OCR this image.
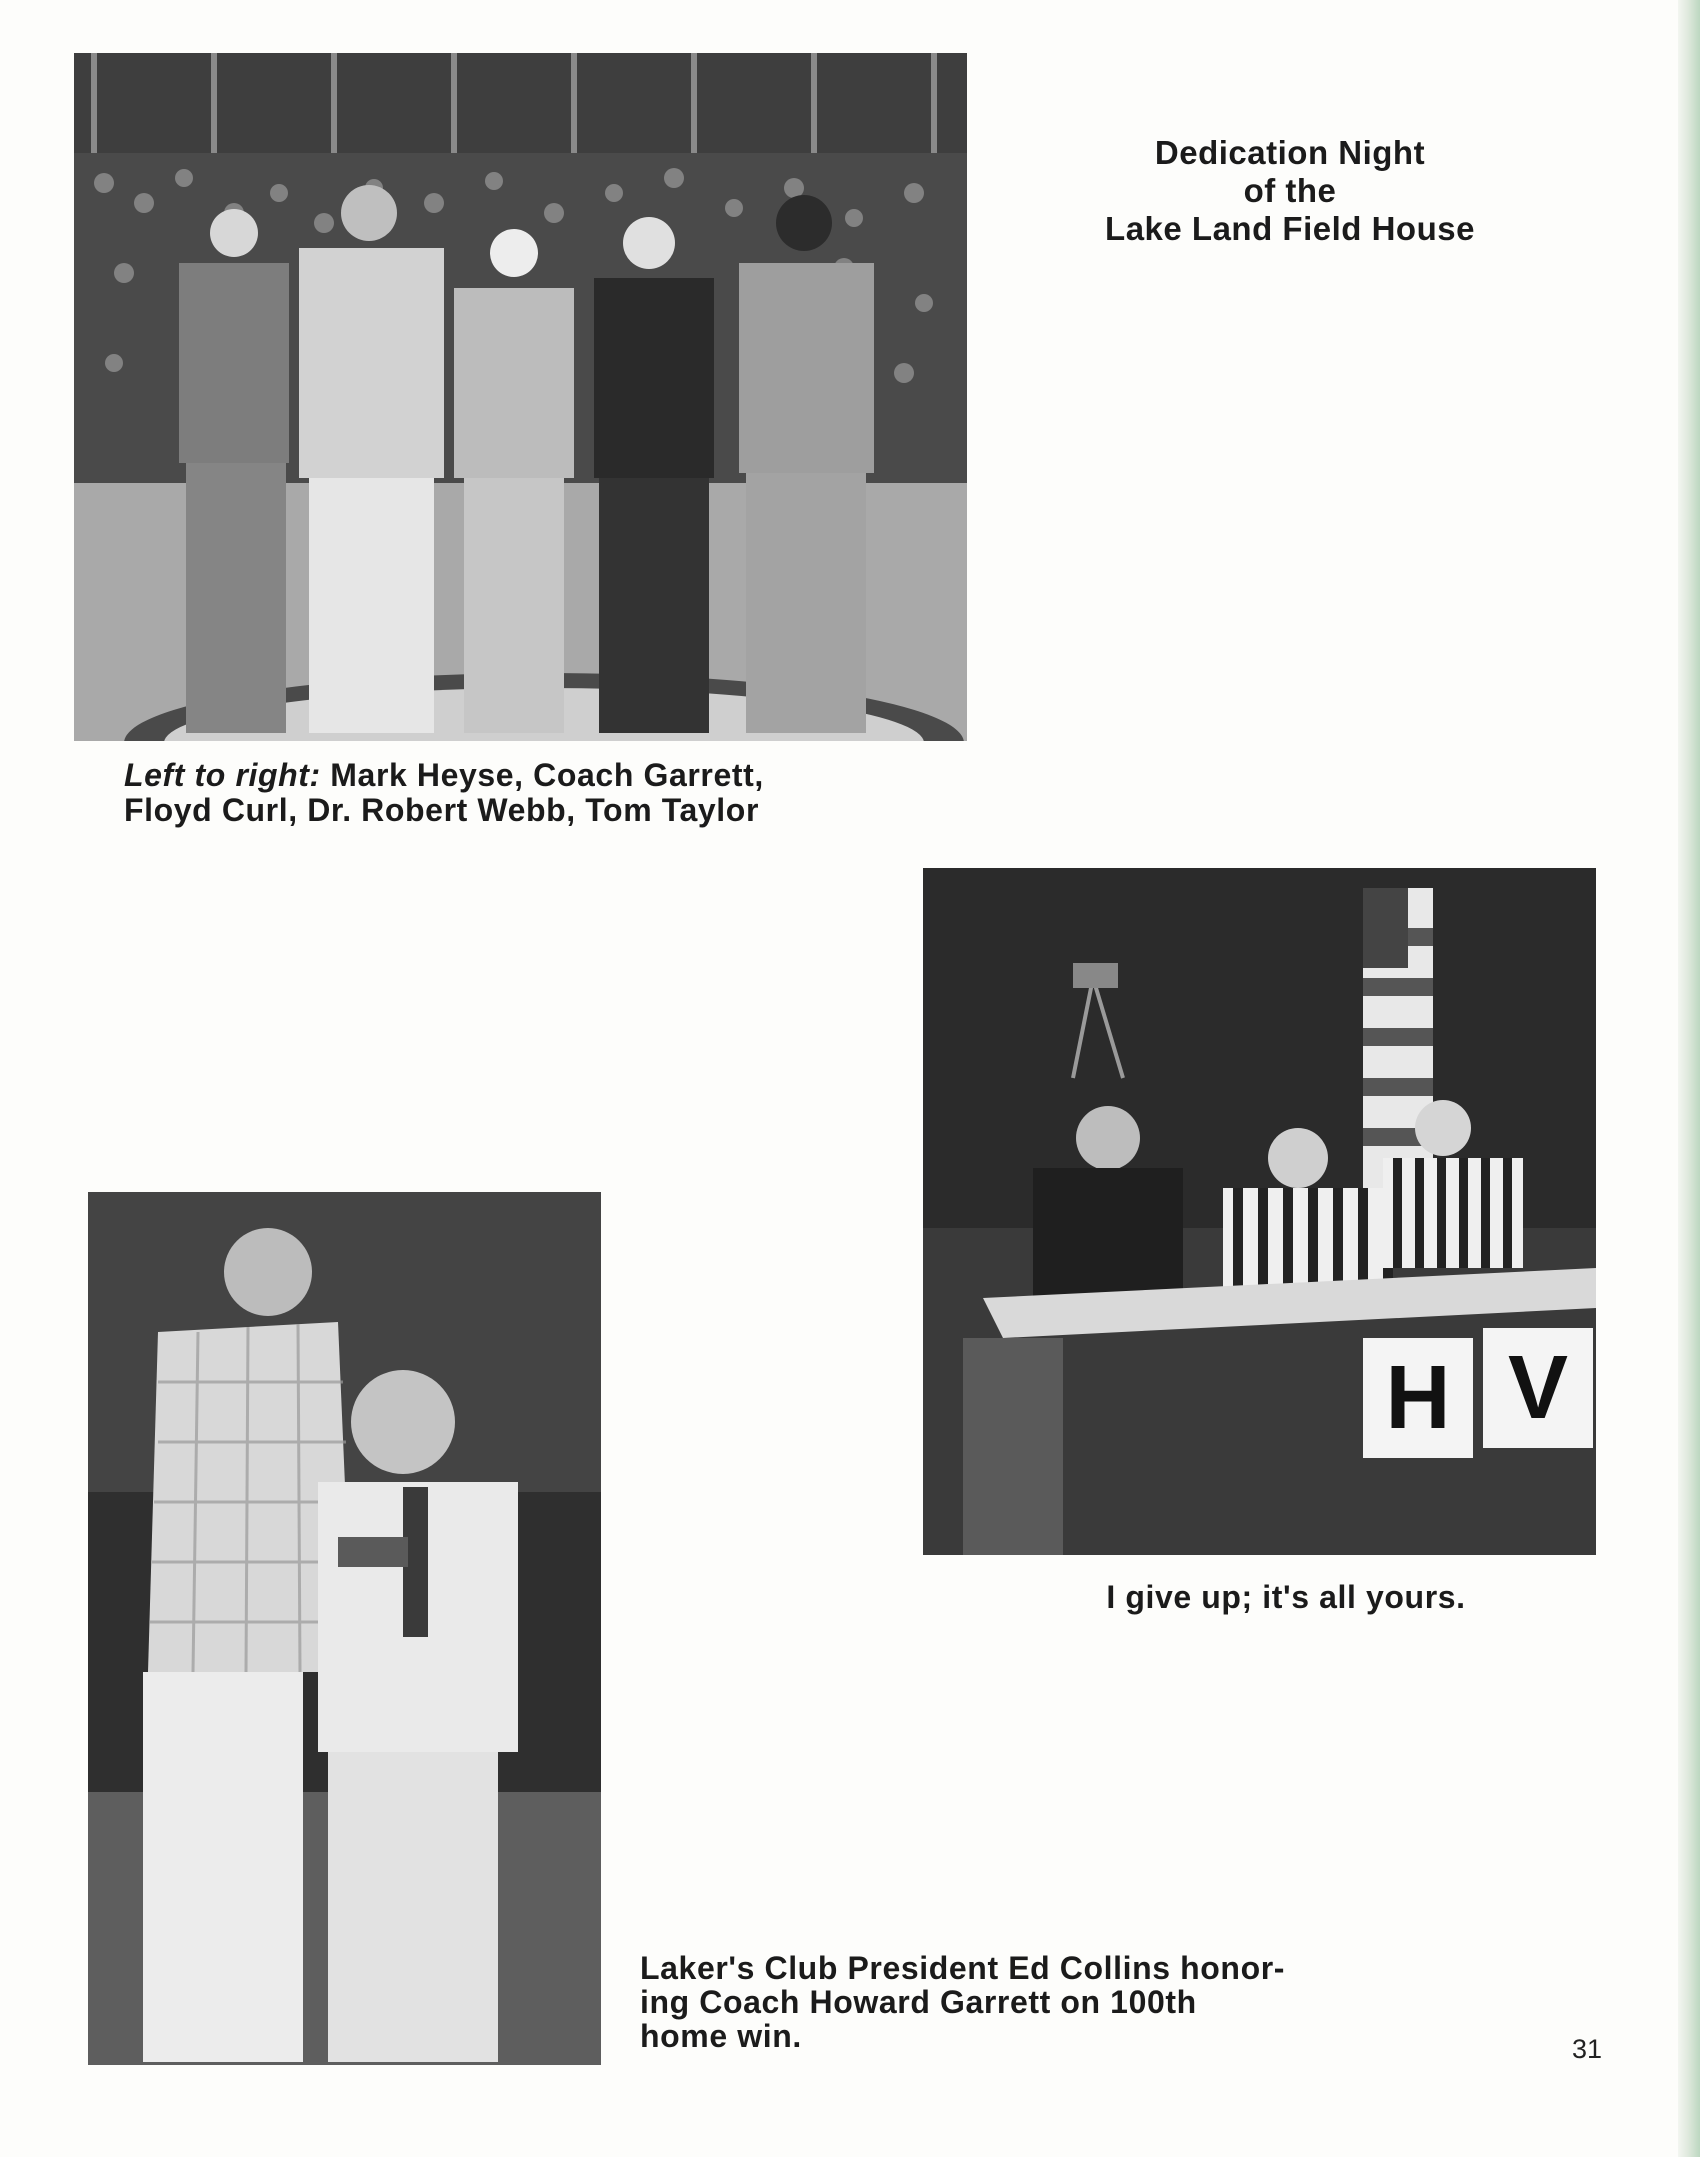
Dedication Night
of the
Lake Land Field House
Left to right: Mark Heyse, Coach Garrett,
Floyd Curl, Dr. Robert Webb, Tom Taylor
H V
I give up; it's all yours.
Laker's Club President Ed Collins honor-
ing Coach Howard Garrett on 100th
home win.	31
